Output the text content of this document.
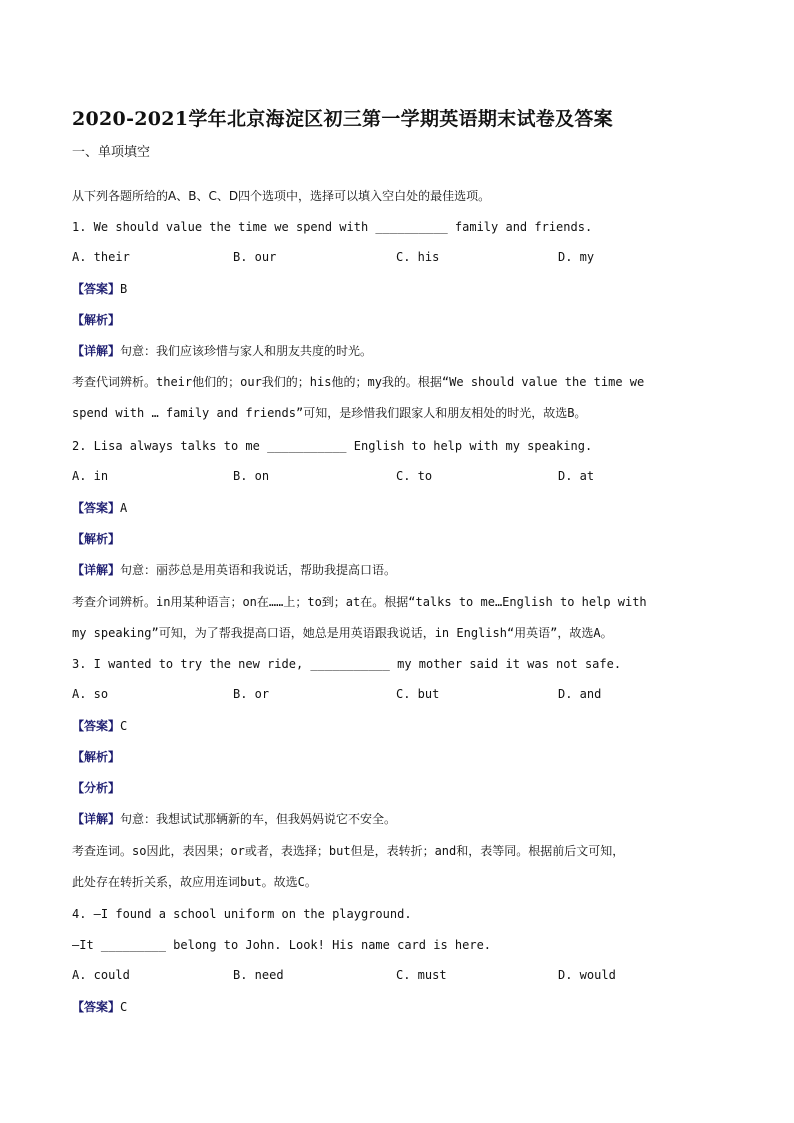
2020-2021学年北京海淀区初三第一学期英语期末试卷及答案
一、单项填空
从下列各题所给的A、B、C、D四个选项中，选择可以填入空白处的最佳选项。
1. We should value the time we spend with __________ family and friends.
A. their	B. our	C. his	D. my
【答案】B
【解析】
【详解】句意：我们应该珍惜与家人和朋友共度的时光。
考查代词辨析。their他们的；our我们的；his他的；my我的。根据“We should value the time we
spend with … family and friends”可知，是珍惜我们跟家人和朋友相处的时光，故选B。
2. Lisa always talks to me ___________ English to help with my speaking.
A. in	B. on	C. to	D. at
【答案】A
【解析】
【详解】句意：丽莎总是用英语和我说话，帮助我提高口语。
考查介词辨析。in用某种语言；on在……上；to到；at在。根据“talks to me…English to help with
my speaking”可知，为了帮我提高口语，她总是用英语跟我说话，in English“用英语”，故选A。
3. I wanted to try the new ride, ___________ my mother said it was not safe.
A. so	B. or	C. but	D. and
【答案】C
【解析】
【分析】
【详解】句意：我想试试那辆新的车，但我妈妈说它不安全。
考查连词。so因此，表因果；or或者，表选择；but但是，表转折；and和，表等同。根据前后文可知，
此处存在转折关系，故应用连词but。故选C。
4. —I found a school uniform on the playground.
—It _________ belong to John. Look! His name card is here.
A. could	B. need	C. must	D. would
【答案】C
